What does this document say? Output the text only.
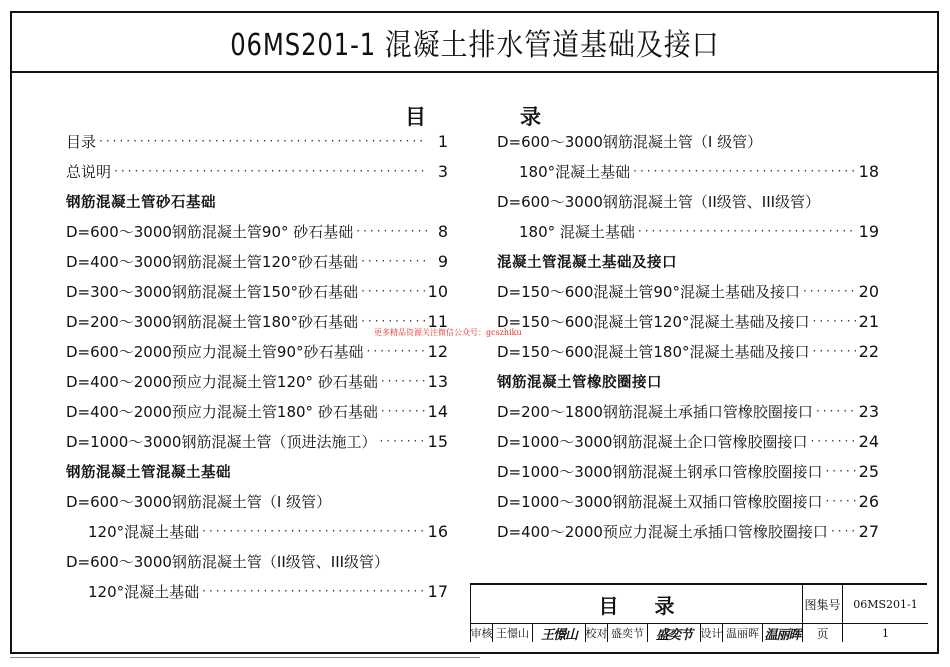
06MS201-1 混凝土排水管道基础及接口
目	录
目录 ·····	1
总说明 ·····	3
钢筋混凝土管砂石基础
D=600～3000钢筋混凝土管90° 砂石基础 ·····	8
D=400～3000钢筋混凝土管120°砂石基础 ·····	9
D=300～3000钢筋混凝土管150°砂石基础 ·····	10
D=200～3000钢筋混凝土管180°砂石基础 ·····	11
D=600～2000预应力混凝土管90°砂石基础 ·····	12
D=400～2000预应力混凝土管120° 砂石基础 ·····	13
D=400～2000预应力混凝土管180° 砂石基础 ·····	14
D=1000～3000钢筋混凝土管（顶进法施工） ·····	15
钢筋混凝土管混凝土基础
D=600～3000钢筋混凝土管（I 级管）
120°混凝土基础 ·····	16
D=600～3000钢筋混凝土管（II级管、III级管）
120°混凝土基础 ·····	17
D=600～3000钢筋混凝土管（I 级管）
180°混凝土基础 ·····	18
D=600～3000钢筋混凝土管（II级管、III级管）
180° 混凝土基础 ·····	19
混凝土管混凝土基础及接口
D=150～600混凝土管90°混凝土基础及接口 ·····	20
D=150～600混凝土管120°混凝土基础及接口 ·····	21
D=150～600混凝土管180°混凝土基础及接口 ·····	22
钢筋混凝土管橡胶圈接口
D=200～1800钢筋混凝土承插口管橡胶圈接口 ·····	23
D=1000～3000钢筋混凝土企口管橡胶圈接口 ·····	24
D=1000～3000钢筋混凝土钢承口管橡胶圈接口 ····· 25
D=1000～3000钢筋混凝土双插口管橡胶圈接口 ····· 26
D=400～2000预应力混凝土承插口管橡胶圈接口 ····· 27
更多精品资源关注微信公众号：gcszhiku
目 录
审核 王憬山 王憬山 校对 盛奕节 盛奕节 设计 温丽晖 温丽晖
图集号	06MS201-1
页	1
